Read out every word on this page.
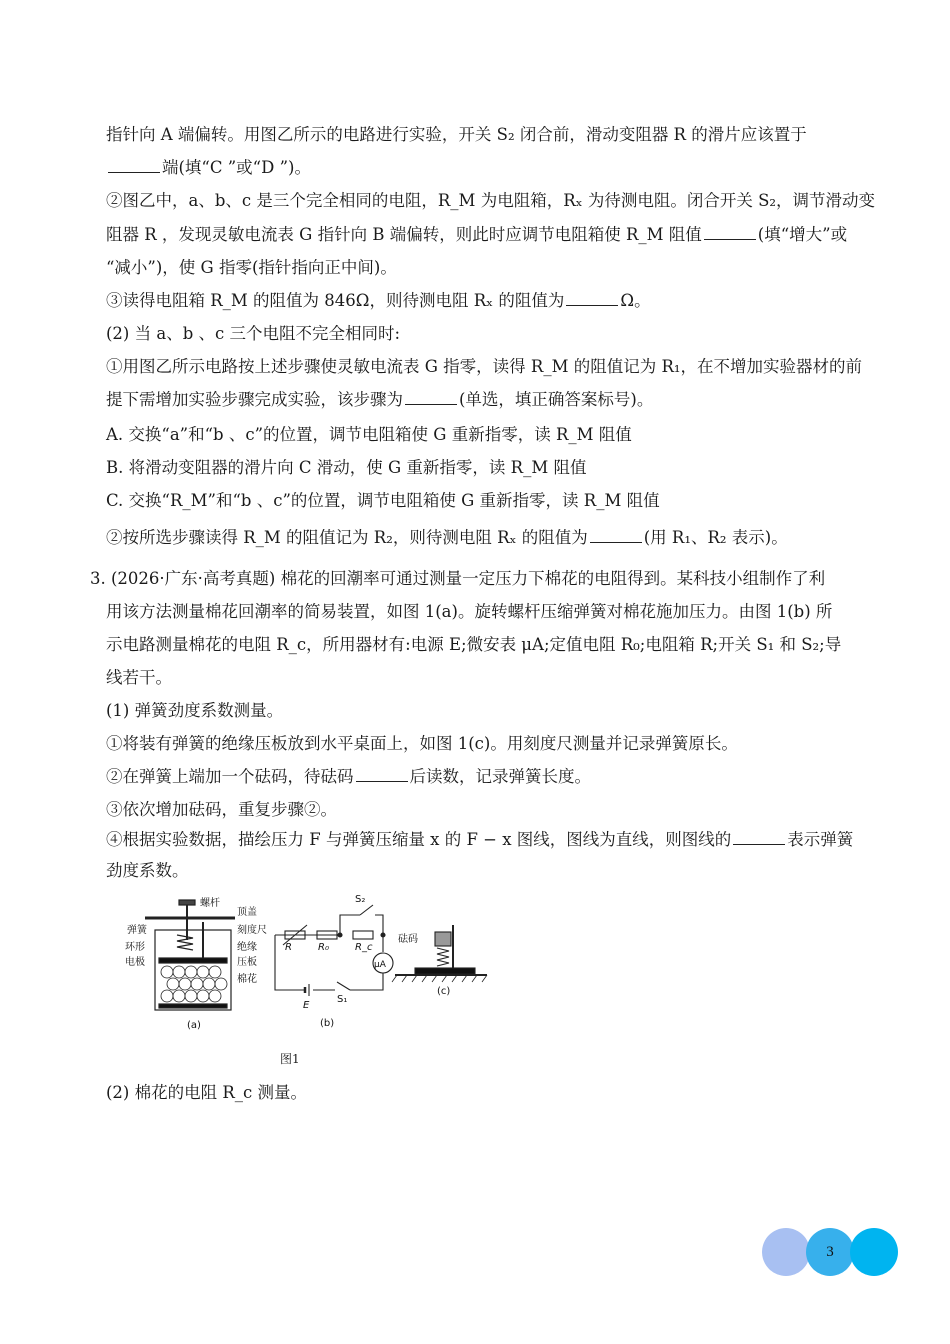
指针向 A 端偏转。用图乙所示的电路进行实验，开关 S₂ 闭合前，滑动变阻器 R 的滑片应该置于
端(填“C ”或“D ”)。
②图乙中，a、b、c 是三个完全相同的电阻，R_M 为电阻箱，Rₓ 为待测电阻。闭合开关 S₂，调节滑动变
阻器 R ，发现灵敏电流表 G 指针向 B 端偏转，则此时应调节电阻箱使 R_M 阻值	(填“增大”或
“减小”)，使 G 指零(指针指向正中间)。
③读得电阻箱 R_M 的阻值为 846Ω，则待测电阻 Rₓ 的阻值为	Ω。
(2) 当 a、b 、c 三个电阻不完全相同时:
①用图乙所示电路按上述步骤使灵敏电流表 G 指零，读得 R_M 的阻值记为 R₁，在不增加实验器材的前
提下需增加实验步骤完成实验，该步骤为	(单选，填正确答案标号)。
A. 交换“a”和“b 、c”的位置，调节电阻箱使 G 重新指零，读 R_M 阻值
B. 将滑动变阻器的滑片向 C 滑动，使 G 重新指零，读 R_M 阻值
C. 交换“R_M”和“b 、c”的位置，调节电阻箱使 G 重新指零，读 R_M 阻值
②按所选步骤读得 R_M 的阻值记为 R₂，则待测电阻 Rₓ 的阻值为	(用 R₁、R₂ 表示)。
3. (2026·广东·高考真题) 棉花的回潮率可通过测量一定压力下棉花的电阻得到。某科技小组制作了利
用该方法测量棉花回潮率的简易装置，如图 1(a)。旋转螺杆压缩弹簧对棉花施加压力。由图 1(b) 所
示电路测量棉花的电阻 R_c，所用器材有:电源 E;微安表 μA;定值电阻 R₀;电阻箱 R;开关 S₁ 和 S₂;导
线若干。
(1) 弹簧劲度系数测量。
①将装有弹簧的绝缘压板放到水平桌面上，如图 1(c)。用刻度尺测量并记录弹簧原长。
②在弹簧上端加一个砝码，待砝码	后读数，记录弹簧长度。
③依次增加砝码，重复步骤②。
④根据实验数据，描绘压力 F 与弹簧压缩量 x 的 F − x 图线，图线为直线，则图线的	表示弹簧
劲度系数。
螺杆
顶盖
弹簧	刻度尺
环形	绝缘
电极	压板
棉花
(a)
S₂
R	R₀	R_c
μA
E
S₁
(b)
砝码
(c)
图1
(2) 棉花的电阻 R_c 测量。
3
